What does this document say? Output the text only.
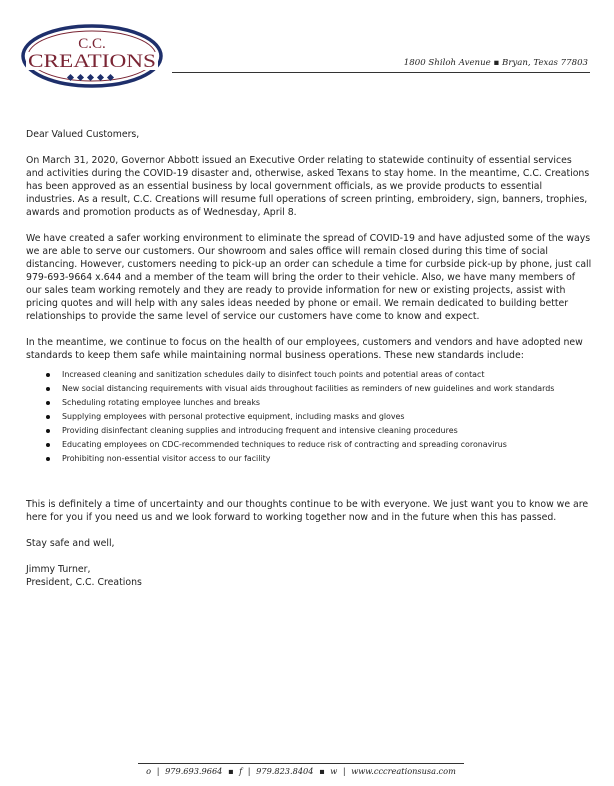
C.C.
CREATIONS	1800 Shiloh Avenue ▪ Bryan, Texas 77803

Dear Valued Customers,

On March 31, 2020, Governor Abbott issued an Executive Order relating to statewide continuity of essential services and activities during the COVID-19 disaster and, otherwise, asked Texans to stay home. In the meantime, C.C. Creations has been approved as an essential business by local government officials, as we provide products to essential industries. As a result, C.C. Creations will resume full operations of screen printing, embroidery, sign, banners, trophies, awards and promotion products as of Wednesday, April 8.

We have created a safer working environment to eliminate the spread of COVID-19 and have adjusted some of the ways we are able to serve our customers. Our showroom and sales office will remain closed during this time of social distancing. However, customers needing to pick-up an order can schedule a time for curbside pick-up by phone, just call 979-693-9664 x.644 and a member of the team will bring the order to their vehicle. Also, we have many members of our sales team working remotely and they are ready to provide information for new or existing projects, assist with pricing quotes and will help with any sales ideas needed by phone or email. We remain dedicated to building better relationships to provide the same level of service our customers have come to know and expect.

In the meantime, we continue to focus on the health of our employees, customers and vendors and have adopted new standards to keep them safe while maintaining normal business operations. These new standards include:

Increased cleaning and sanitization schedules daily to disinfect touch points and potential areas of contact
New social distancing requirements with visual aids throughout facilities as reminders of new guidelines and work standards
Scheduling rotating employee lunches and breaks
Supplying employees with personal protective equipment, including masks and gloves
Providing disinfectant cleaning supplies and introducing frequent and intensive cleaning procedures
Educating employees on CDC-recommended techniques to reduce risk of contracting and spreading coronavirus
Prohibiting non-essential visitor access to our facility

This is definitely a time of uncertainty and our thoughts continue to be with everyone. We just want you to know we are here for you if you need us and we look forward to working together now and in the future when this has passed.

Stay safe and well,

Jimmy Turner,
President, C.C. Creations
o | 979.693.9664 ▪ f | 979.823.8404 ▪ w | www.cccreationsusa.com
